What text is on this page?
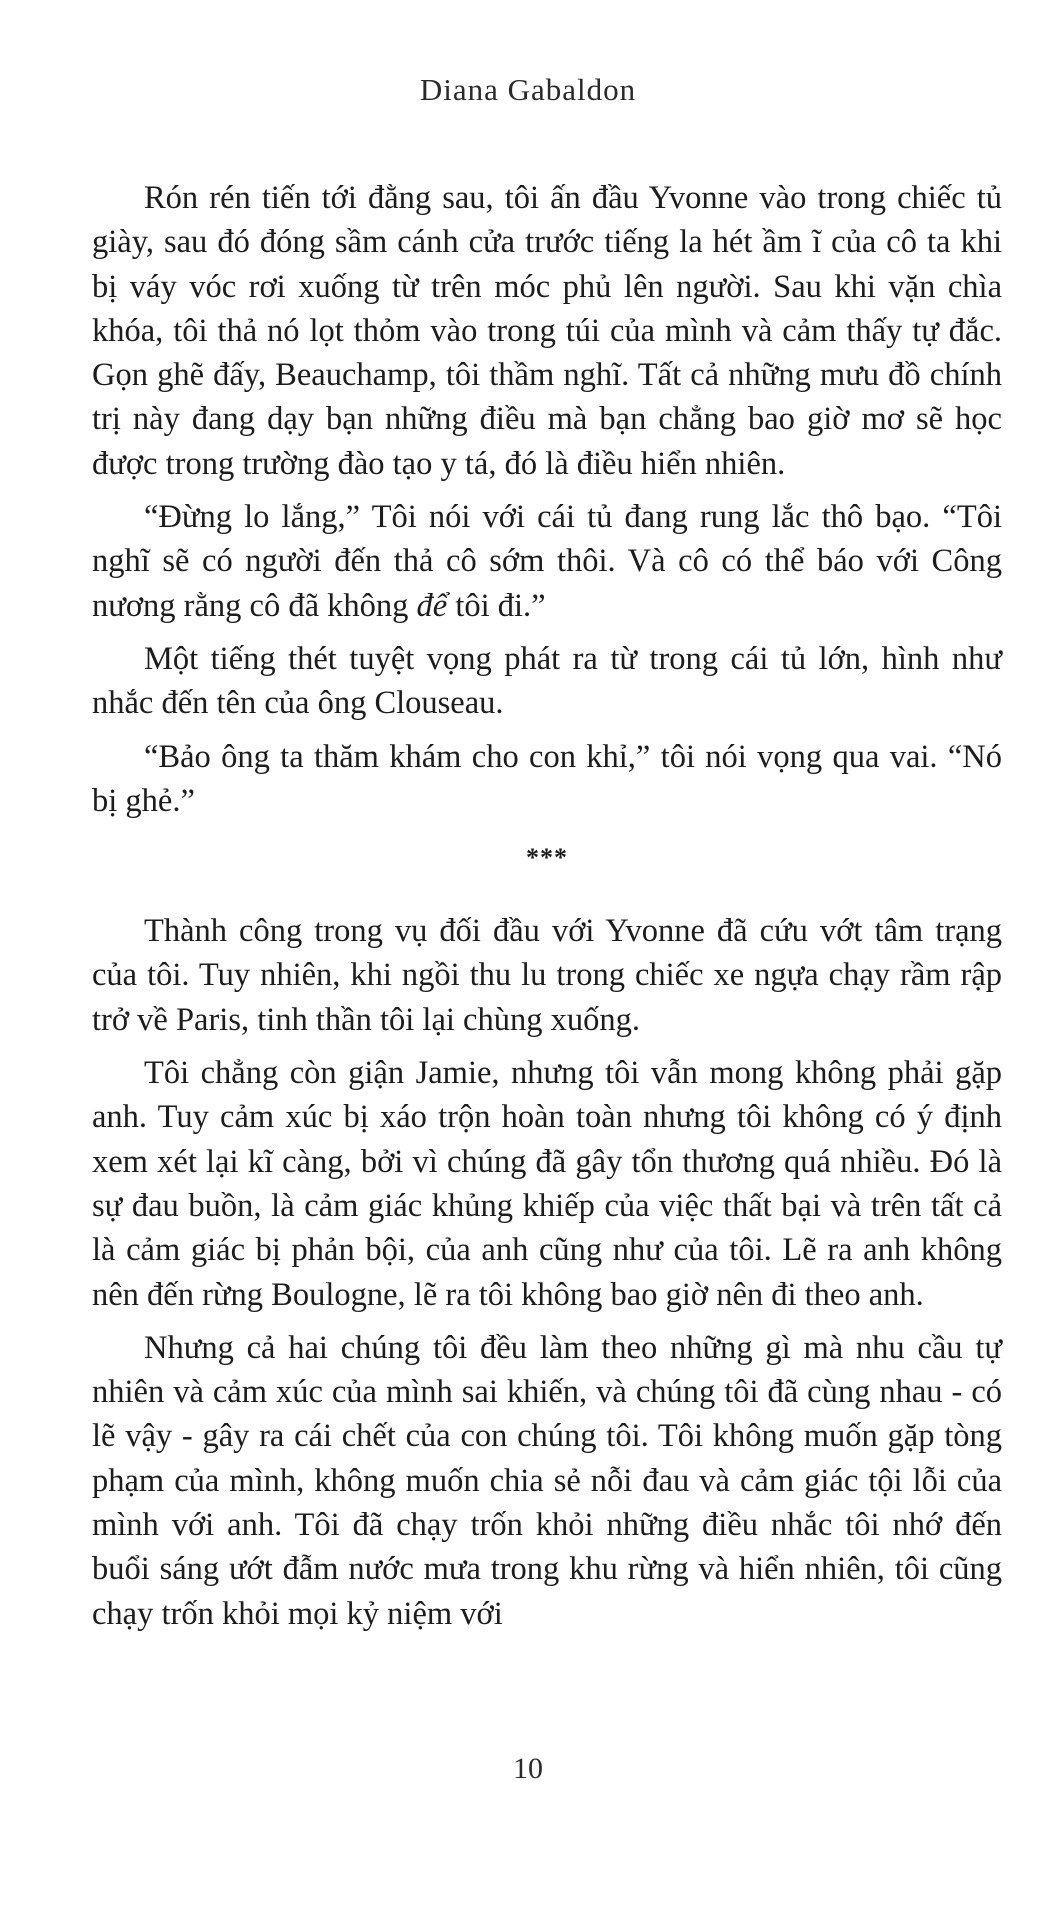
Diana Gabaldon

Rón rén tiến tới đằng sau, tôi ấn đầu Yvonne vào trong chiếc tủ giày, sau đó đóng sầm cánh cửa trước tiếng la hét ầm ĩ của cô ta khi bị váy vóc rơi xuống từ trên móc phủ lên người. Sau khi vặn chìa khóa, tôi thả nó lọt thỏm vào trong túi của mình và cảm thấy tự đắc. Gọn ghẽ đấy, Beauchamp, tôi thầm nghĩ. Tất cả những mưu đồ chính trị này đang dạy bạn những điều mà bạn chẳng bao giờ mơ sẽ học được trong trường đào tạo y tá, đó là điều hiển nhiên.

“Đừng lo lắng,” Tôi nói với cái tủ đang rung lắc thô bạo. “Tôi nghĩ sẽ có người đến thả cô sớm thôi. Và cô có thể báo với Công nương rằng cô đã không để tôi đi.”

Một tiếng thét tuyệt vọng phát ra từ trong cái tủ lớn, hình như nhắc đến tên của ông Clouseau.

“Bảo ông ta thăm khám cho con khỉ,” tôi nói vọng qua vai. “Nó bị ghẻ.”

***

Thành công trong vụ đối đầu với Yvonne đã cứu vớt tâm trạng của tôi. Tuy nhiên, khi ngồi thu lu trong chiếc xe ngựa chạy rầm rập trở về Paris, tinh thần tôi lại chùng xuống.

Tôi chẳng còn giận Jamie, nhưng tôi vẫn mong không phải gặp anh. Tuy cảm xúc bị xáo trộn hoàn toàn nhưng tôi không có ý định xem xét lại kĩ càng, bởi vì chúng đã gây tổn thương quá nhiều. Đó là sự đau buồn, là cảm giác khủng khiếp của việc thất bại và trên tất cả là cảm giác bị phản bội, của anh cũng như của tôi. Lẽ ra anh không nên đến rừng Boulogne, lẽ ra tôi không bao giờ nên đi theo anh.

Nhưng cả hai chúng tôi đều làm theo những gì mà nhu cầu tự nhiên và cảm xúc của mình sai khiến, và chúng tôi đã cùng nhau - có lẽ vậy - gây ra cái chết của con chúng tôi. Tôi không muốn gặp tòng phạm của mình, không muốn chia sẻ nỗi đau và cảm giác tội lỗi của mình với anh. Tôi đã chạy trốn khỏi những điều nhắc tôi nhớ đến buổi sáng ướt đẫm nước mưa trong khu rừng và hiển nhiên, tôi cũng chạy trốn khỏi mọi kỷ niệm với

10
